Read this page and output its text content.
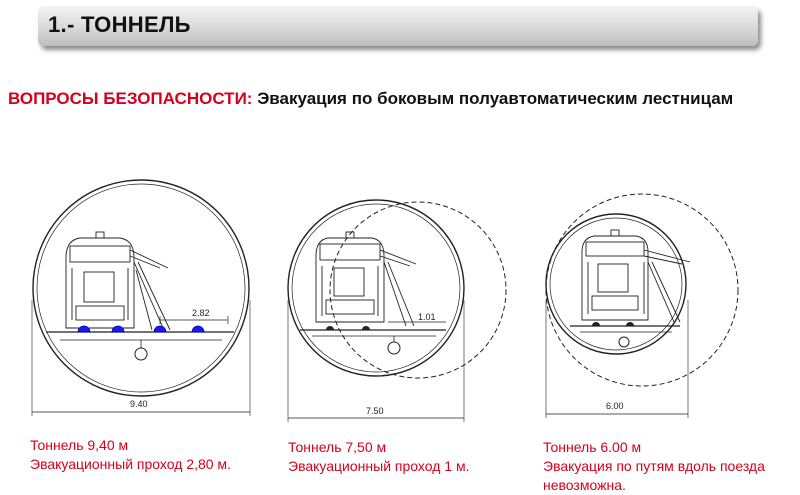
1.- ТОННЕЛЬ
ВОПРОСЫ БЕЗОПАСНОСТИ: Эвакуация по боковым полуавтоматическим лестницам
2.82
9.40
1.01
7.50	6.00
Тоннель 9,40 м
Эвакуационный проход 2,80 м.
Тоннель 7,50 м
Эвакуационный проход 1 м.
Тоннель 6.00 м
Эвакуация по путям вдоль поезда
невозможна.
